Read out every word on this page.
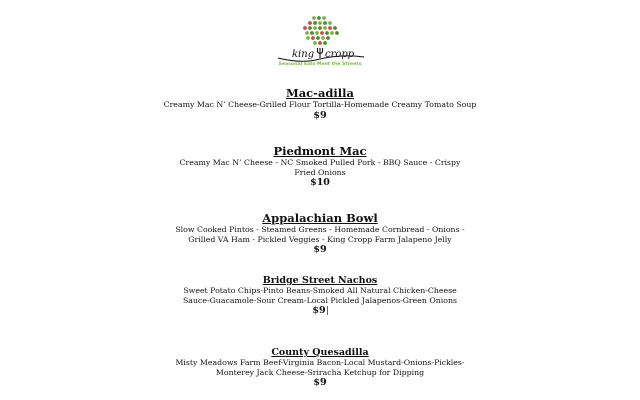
king cropp
Seasonal Eats Meet the Streets

Mac-adilla

Creamy Mac N’ Cheese-Grilled Flour Tortilla-Homemade Creamy Tomato Soup

$9

Piedmont Mac

Creamy Mac N’ Cheese - NC Smoked Pulled Pork - BBQ Sauce - Crispy Fried Onions

$10

Appalachian Bowl

Slow Cooked Pintos - Steamed Greens - Homemade Cornbread - Onions - Grilled VA Ham - Pickled Veggies - King Cropp Farm Jalapeno Jelly

$9

Bridge Street Nachos

Sweet Potato Chips-Pinto Beans-Smoked All Natural Chicken-Cheese Sauce-Guacamole-Sour Cream-Local Pickled Jalapenos-Green Onions

$9

County Quesadilla

Misty Meadows Farm Beef-Virginia Bacon-Local Mustard-Onions-Pickles-Monterey Jack Cheese-Sriracha Ketchup for Dipping

$9
